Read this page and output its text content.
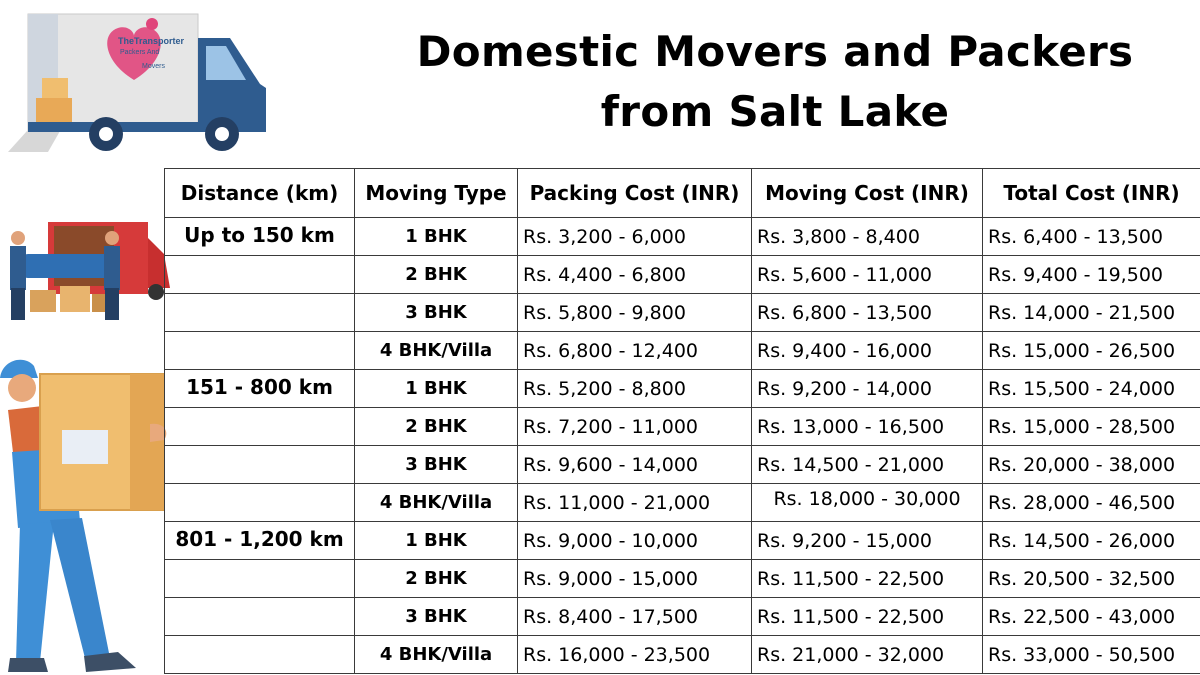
Domestic Movers and Packers
from Salt Lake
TheTransporter
Packers And
Movers
Distance (km)	Moving Type	Packing Cost (INR)	Moving Cost (INR)	Total Cost (INR)
Up to 150 km	1 BHK	Rs. 3,200 - 6,000	Rs. 3,800 - 8,400	Rs. 6,400 - 13,500
	2 BHK	Rs. 4,400 - 6,800	Rs. 5,600 - 11,000	Rs. 9,400 - 19,500
	3 BHK	Rs. 5,800 - 9,800	Rs. 6,800 - 13,500	Rs. 14,000 - 21,500
	4 BHK/Villa	Rs. 6,800 - 12,400	Rs. 9,400 - 16,000	Rs. 15,000 - 26,500
151 - 800 km	1 BHK	Rs. 5,200 - 8,800	Rs. 9,200 - 14,000	Rs. 15,500 - 24,000
	2 BHK	Rs. 7,200 - 11,000	Rs. 13,000 - 16,500	Rs. 15,000 - 28,500
	3 BHK	Rs. 9,600 - 14,000	Rs. 14,500 - 21,000	Rs. 20,000 - 38,000
	4 BHK/Villa	Rs. 11,000 - 21,000	Rs. 18,000 - 30,000	Rs. 28,000 - 46,500
801 - 1,200 km	1 BHK	Rs. 9,000 - 10,000	Rs. 9,200 - 15,000	Rs. 14,500 - 26,000
	2 BHK	Rs. 9,000 - 15,000	Rs. 11,500 - 22,500	Rs. 20,500 - 32,500
	3 BHK	Rs. 8,400 - 17,500	Rs. 11,500 - 22,500	Rs. 22,500 - 43,000
	4 BHK/Villa	Rs. 16,000 - 23,500	Rs. 21,000 - 32,000	Rs. 33,000 - 50,500
